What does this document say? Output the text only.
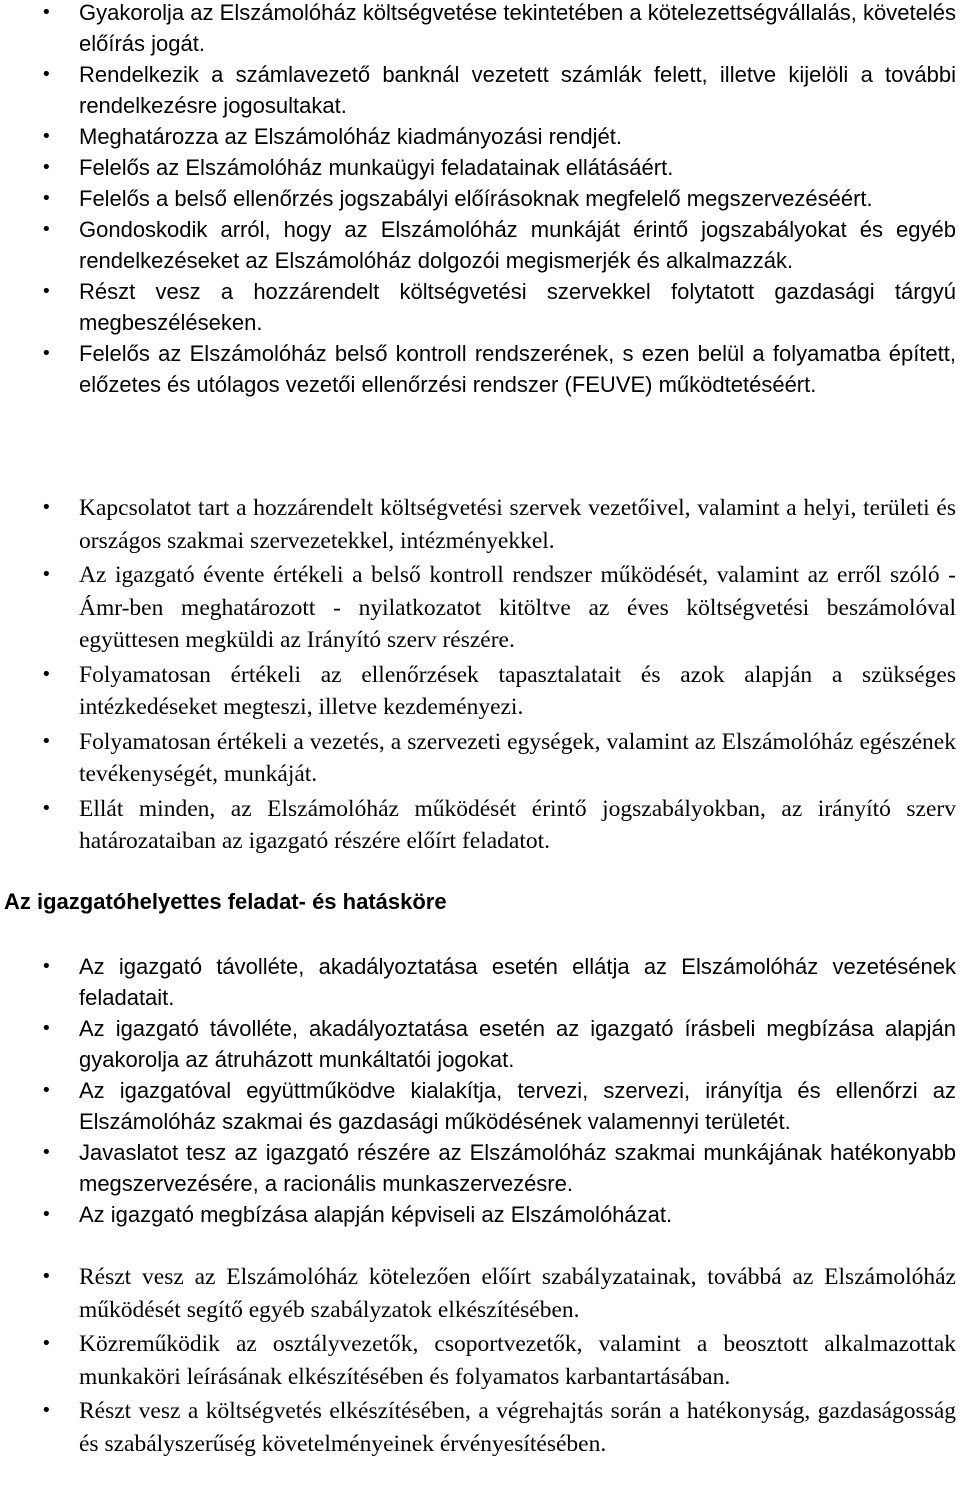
• Gyakorolja az Elszámolóház költségvetése tekintetében a kötelezettségvállalás, követelés előírás jogát.
• Rendelkezik a számlavezető banknál vezetett számlák felett, illetve kijelöli a további rendelkezésre jogosultakat.
• Meghatározza az Elszámolóház kiadmányozási rendjét.
• Felelős az Elszámolóház munkaügyi feladatainak ellátásáért.
• Felelős a belső ellenőrzés jogszabályi előírásoknak megfelelő megszervezéséért.
• Gondoskodik arról, hogy az Elszámolóház munkáját érintő jogszabályokat és egyéb rendelkezéseket az Elszámolóház dolgozói megismerjék és alkalmazzák.
• Részt vesz a hozzárendelt költségvetési szervekkel folytatott gazdasági tárgyú megbeszéléseken.
• Felelős az Elszámolóház belső kontroll rendszerének, s ezen belül a folyamatba épített, előzetes és utólagos vezetői ellenőrzési rendszer (FEUVE) működtetéséért.
• Kapcsolatot tart a hozzárendelt költségvetési szervek vezetőivel, valamint a helyi, területi és országos szakmai szervezetekkel, intézményekkel.
• Az igazgató évente értékeli a belső kontroll rendszer működését, valamint az erről szóló - Ámr-ben meghatározott - nyilatkozatot kitöltve az éves költségvetési beszámolóval együttesen megküldi az Irányító szerv részére.
• Folyamatosan értékeli az ellenőrzések tapasztalatait és azok alapján a szükséges intézkedéseket megteszi, illetve kezdeményezi.
• Folyamatosan értékeli a vezetés, a szervezeti egységek, valamint az Elszámolóház egészének tevékenységét, munkáját.
• Ellát minden, az Elszámolóház működését érintő jogszabályokban, az irányító szerv határozataiban az igazgató részére előírt feladatot.
Az igazgatóhelyettes feladat- és hatásköre
• Az igazgató távolléte, akadályoztatása esetén ellátja az Elszámolóház vezetésének feladatait.
• Az igazgató távolléte, akadályoztatása esetén az igazgató írásbeli megbízása alapján gyakorolja az átruházott munkáltatói jogokat.
• Az igazgatóval együttműködve kialakítja, tervezi, szervezi, irányítja és ellenőrzi az Elszámolóház szakmai és gazdasági működésének valamennyi területét.
• Javaslatot tesz az igazgató részére az Elszámolóház szakmai munkájának hatékonyabb megszervezésére, a racionális munkaszervezésre.
• Az igazgató megbízása alapján képviseli az Elszámolóházat.
• Részt vesz az Elszámolóház kötelezően előírt szabályzatainak, továbbá az Elszámolóház működését segítő egyéb szabályzatok elkészítésében.
• Közreműködik az osztályvezetők, csoportvezetők, valamint a beosztott alkalmazottak munkaköri leírásának elkészítésében és folyamatos karbantartásában.
• Részt vesz a költségvetés elkészítésében, a végrehajtás során a hatékonyság, gazdaságosság és szabályszerűség követelményeinek érvényesítésében.
